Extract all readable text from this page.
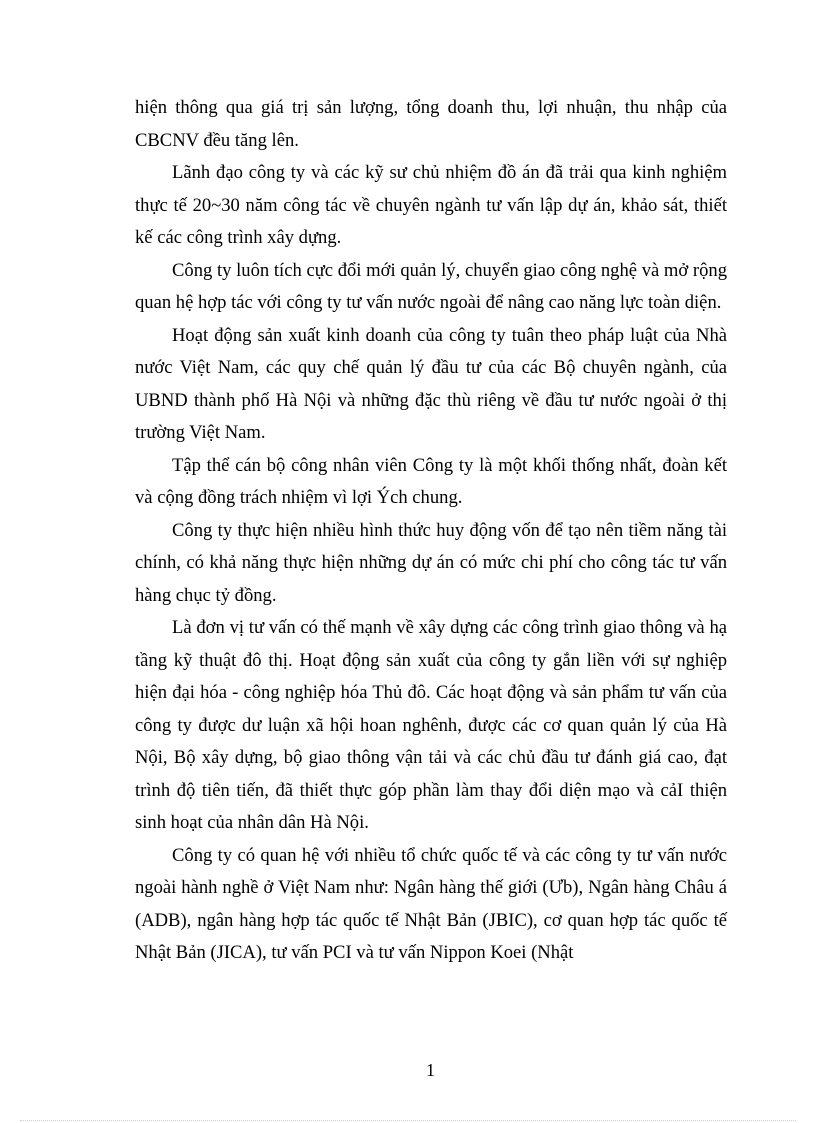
hiện thông qua giá trị sản lượng, tổng doanh thu, lợi nhuận, thu nhập của CBCNV đều tăng lên.

Lãnh đạo công ty và các kỹ sư chủ nhiệm đồ án đã trải qua kinh nghiệm thực tế 20~30 năm công tác về chuyên ngành tư vấn lập dự án, khảo sát, thiết kế các công trình xây dựng.

Công ty luôn tích cực đổi mới quản lý, chuyển giao công nghệ và mở rộng quan hệ hợp tác với công ty tư vấn nước ngoài để nâng cao năng lực toàn diện.

Hoạt động sản xuất kinh doanh của công ty tuân theo pháp luật của Nhà nước Việt Nam, các quy chế quản lý đầu tư của các Bộ chuyên ngành, của UBND thành phố Hà Nội và những đặc thù riêng về đầu tư nước ngoài ở thị trường Việt Nam.

Tập thể cán bộ công nhân viên Công ty là một khối thống nhất, đoàn kết và cộng đồng trách nhiệm vì lợi Ých chung.

Công ty thực hiện nhiều hình thức huy động vốn để tạo nên tiềm năng tài chính, có khả năng thực hiện những dự án có mức chi phí cho công tác tư vấn hàng chục tỷ đồng.

Là đơn vị tư vấn có thế mạnh về xây dựng các công trình giao thông và hạ tầng kỹ thuật đô thị. Hoạt động sản xuất của công ty gắn liền với sự nghiệp hiện đại hóa - công nghiệp hóa Thủ đô. Các hoạt động và sản phẩm tư vấn của công ty được dư luận xã hội hoan nghênh, được các cơ quan quản lý của Hà Nội, Bộ xây dựng, bộ giao thông vận tải và các chủ đầu tư đánh giá cao, đạt trình độ tiên tiến, đã thiết thực góp phần làm thay đổi diện mạo và cảI thiện sinh hoạt của nhân dân Hà Nội.

Công ty có quan hệ với nhiều tổ chức quốc tế và các công ty tư vấn nước ngoài hành nghề ở Việt Nam như: Ngân hàng thế giới (Ưb), Ngân hàng Châu á (ADB), ngân hàng hợp tác quốc tế Nhật Bản (JBIC), cơ quan hợp tác quốc tế Nhật Bản (JICA), tư vấn PCI và tư vấn Nippon Koei (Nhật

1
